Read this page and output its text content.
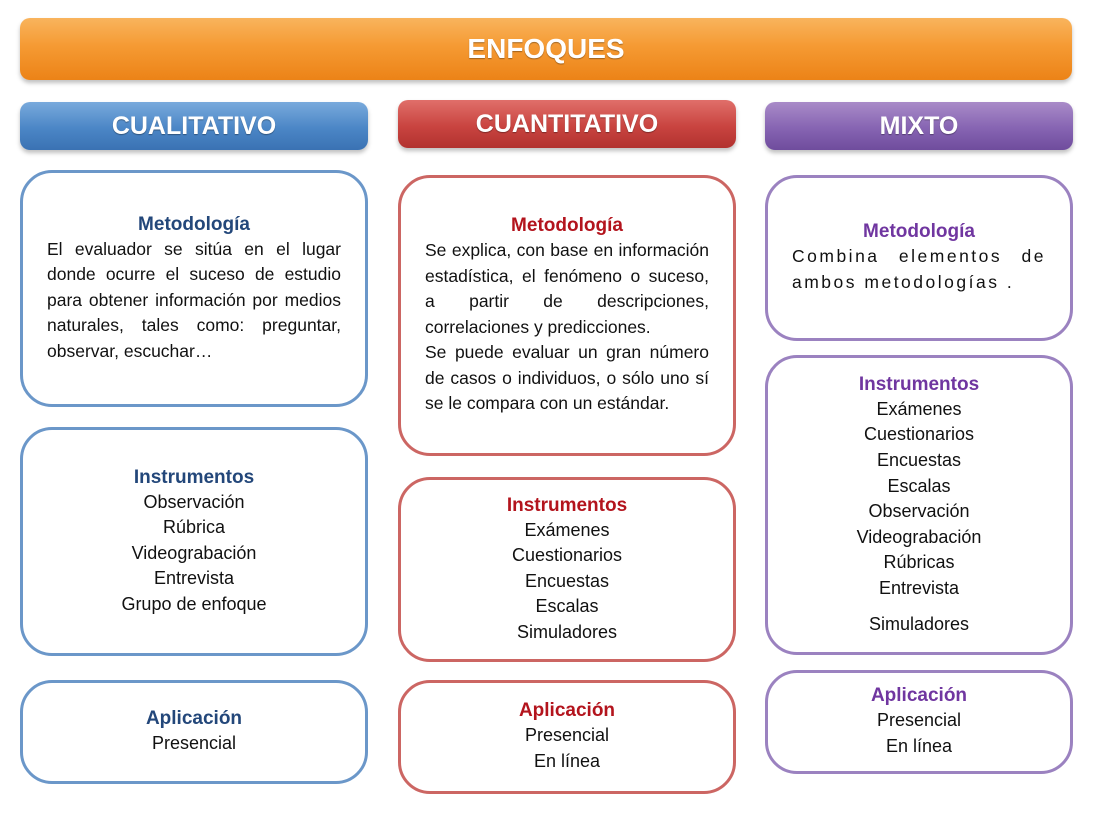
ENFOQUES
CUALITATIVO	CUANTITATIVO	MIXTO
Metodología

El evaluador se sitúa en el lugar donde ocurre el suceso de estudio para obtener información por medios naturales, tales como: preguntar, observar, escuchar…

Instrumentos
Observación
Rúbrica
Videograbación
Entrevista
Grupo de enfoque
Aplicación
Presencial
Metodología

Se explica, con base en información estadística, el fenómeno o suceso, a partir de descripciones, correlaciones y predicciones.

Se puede evaluar un gran número de casos o individuos, o sólo uno sí se le compara con un estándar.

Instrumentos
Exámenes
Cuestionarios
Encuestas
Escalas
Simuladores
Aplicación
Presencial
En línea
Metodología

Combina elementos de ambos metodologías .

Instrumentos
Exámenes
Cuestionarios
Encuestas
Escalas
Observación
Videograbación
Rúbricas
Entrevista
Simuladores
Aplicación
Presencial
En línea
